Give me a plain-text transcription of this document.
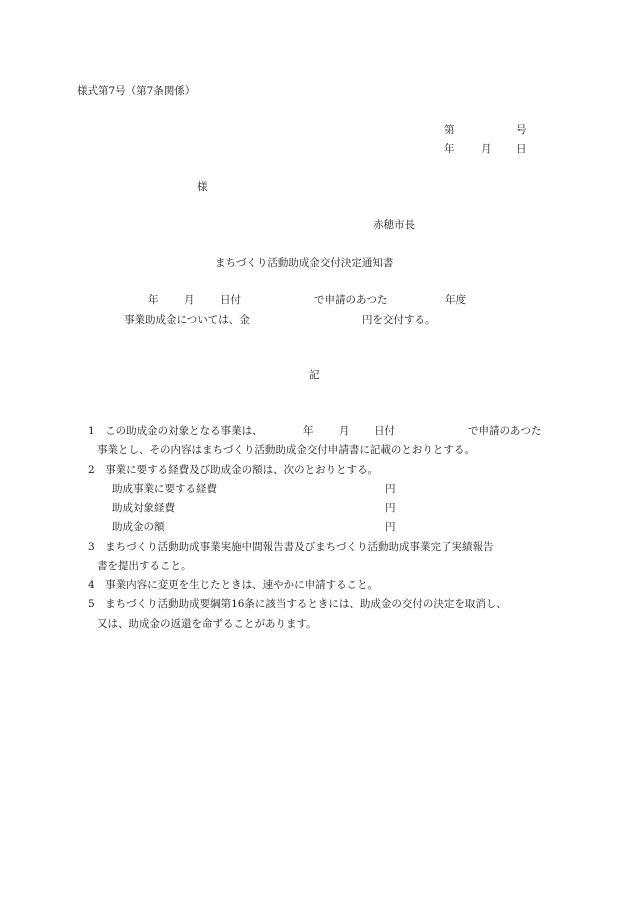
様式第7号（第7条関係）
第	号
年	月 日
様
赤穂市長
まちづくり活動助成金交付決定通知書
年 月 日付	で申請のあつた	年度
事業助成金については、金	円を交付する。
記
1　この助成金の対象となる事業は、	年 月 日付	で申請のあつた
事業とし、その内容はまちづくり活動助成金交付申請書に記載のとおりとする。
2　事業に要する経費及び助成金の額は、次のとおりとする。
助成事業に要する経費	円
助成対象経費	円
助成金の額	円
3　まちづくり活動助成事業実施中間報告書及びまちづくり活動助成事業完了実績報告
書を提出すること。
4　事業内容に変更を生じたときは、速やかに申請すること。
5　まちづくり活動助成要綱第16条に該当するときには、助成金の交付の決定を取消し、
又は、助成金の返還を命ずることがあります。
